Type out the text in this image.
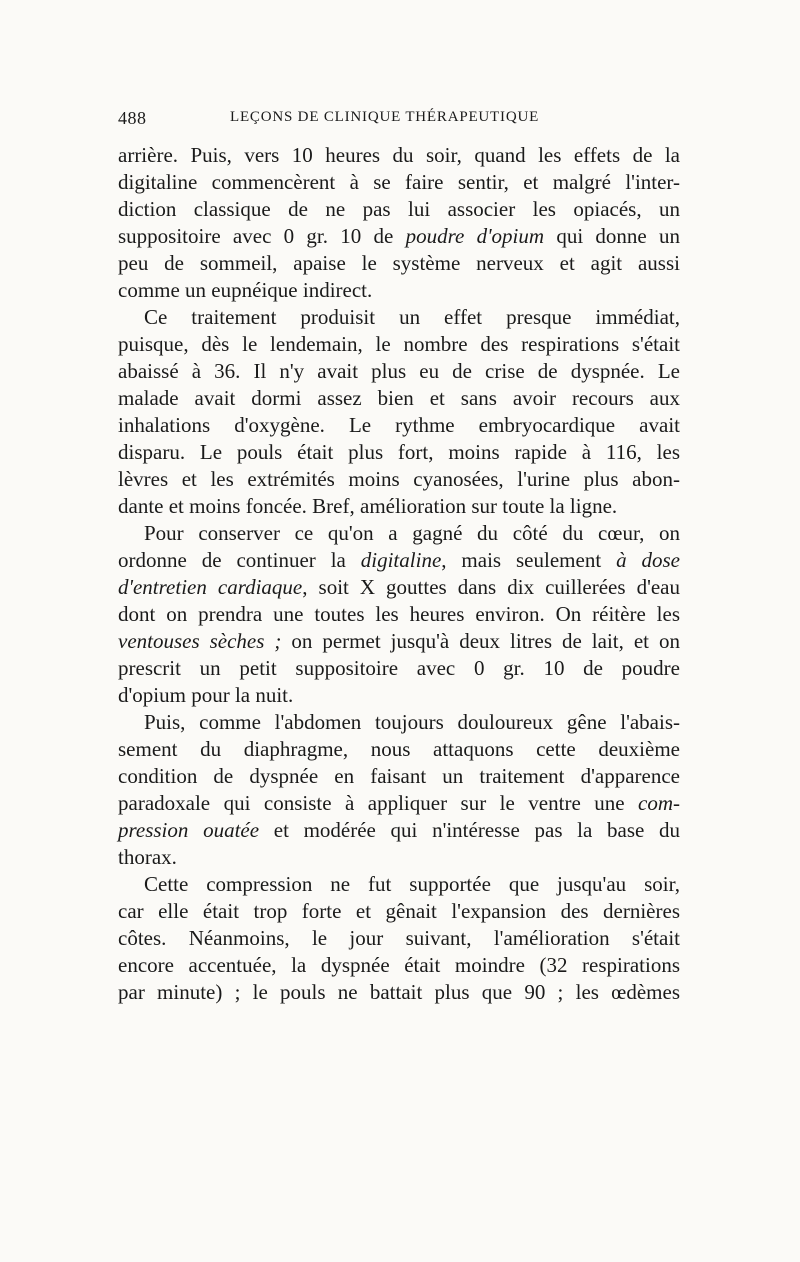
488	LEÇONS DE CLINIQUE THÉRAPEUTIQUE
arrière. Puis, vers 10 heures du soir, quand les effets de la
digitaline commencèrent à se faire sentir, et malgré l'inter-
diction classique de ne pas lui associer les opiacés, un
suppositoire avec 0 gr. 10 de poudre d'opium qui donne un
peu de sommeil, apaise le système nerveux et agit aussi
comme un eupnéique indirect.
Ce traitement produisit un effet presque immédiat,
puisque, dès le lendemain, le nombre des respirations s'était
abaissé à 36. Il n'y avait plus eu de crise de dyspnée. Le
malade avait dormi assez bien et sans avoir recours aux
inhalations d'oxygène. Le rythme embryocardique avait
disparu. Le pouls était plus fort, moins rapide à 116, les
lèvres et les extrémités moins cyanosées, l'urine plus abon-
dante et moins foncée. Bref, amélioration sur toute la ligne.
Pour conserver ce qu'on a gagné du côté du cœur, on
ordonne de continuer la digitaline, mais seulement à dose
d'entretien cardiaque, soit X gouttes dans dix cuillerées d'eau
dont on prendra une toutes les heures environ. On réitère les
ventouses sèches ; on permet jusqu'à deux litres de lait, et on
prescrit un petit suppositoire avec 0 gr. 10 de poudre
d'opium pour la nuit.
Puis, comme l'abdomen toujours douloureux gêne l'abais-
sement du diaphragme, nous attaquons cette deuxième
condition de dyspnée en faisant un traitement d'apparence
paradoxale qui consiste à appliquer sur le ventre une com-
pression ouatée et modérée qui n'intéresse pas la base du
thorax.
Cette compression ne fut supportée que jusqu'au soir,
car elle était trop forte et gênait l'expansion des dernières
côtes. Néanmoins, le jour suivant, l'amélioration s'était
encore accentuée, la dyspnée était moindre (32 respirations
par minute) ; le pouls ne battait plus que 90 ; les œdèmes
